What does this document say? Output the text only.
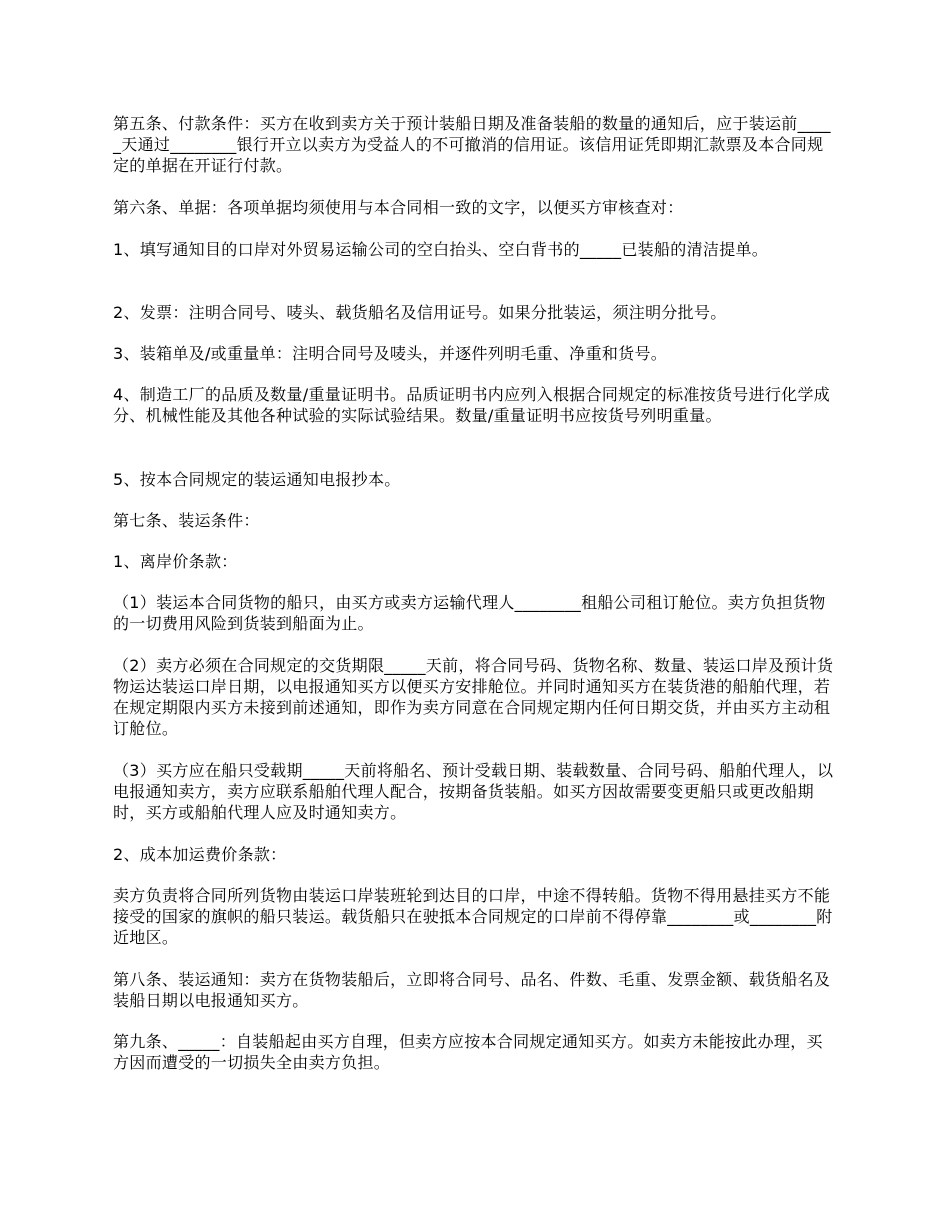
第五条、付款条件：买方在收到卖方关于预计装船日期及准备装船的数量的通知后，应于装运前_____天通过________银行开立以卖方为受益人的不可撤消的信用证。该信用证凭即期汇款票及本合同规定的单据在开证行付款。

第六条、单据：各项单据均须使用与本合同相一致的文字，以便买方审核查对：

1、填写通知目的口岸对外贸易运输公司的空白抬头、空白背书的_____已装船的清洁提单。

2、发票：注明合同号、唛头、载货船名及信用证号。如果分批装运，须注明分批号。

3、装箱单及/或重量单：注明合同号及唛头，并逐件列明毛重、净重和货号。

4、制造工厂的品质及数量/重量证明书。品质证明书内应列入根据合同规定的标准按货号进行化学成分、机械性能及其他各种试验的实际试验结果。数量/重量证明书应按货号列明重量。

5、按本合同规定的装运通知电报抄本。

第七条、装运条件：

1、离岸价条款：

（1）装运本合同货物的船只，由买方或卖方运输代理人________租船公司租订舱位。卖方负担货物的一切费用风险到货装到船面为止。

（2）卖方必须在合同规定的交货期限_____天前，将合同号码、货物名称、数量、装运口岸及预计货物运达装运口岸日期，以电报通知买方以便买方安排舱位。并同时通知买方在装货港的船舶代理，若在规定期限内买方未接到前述通知，即作为卖方同意在合同规定期内任何日期交货，并由买方主动租订舱位。

（3）买方应在船只受载期_____天前将船名、预计受载日期、装载数量、合同号码、船舶代理人，以电报通知卖方，卖方应联系船舶代理人配合，按期备货装船。如买方因故需要变更船只或更改船期时，买方或船舶代理人应及时通知卖方。

2、成本加运费价条款：

卖方负责将合同所列货物由装运口岸装班轮到达目的口岸，中途不得转船。货物不得用悬挂买方不能接受的国家的旗帜的船只装运。载货船只在驶抵本合同规定的口岸前不得停靠________或________附近地区。

第八条、装运通知：卖方在货物装船后，立即将合同号、品名、件数、毛重、发票金额、载货船名及装船日期以电报通知买方。

第九条、_____：自装船起由买方自理，但卖方应按本合同规定通知买方。如卖方未能按此办理，买方因而遭受的一切损失全由卖方负担。
